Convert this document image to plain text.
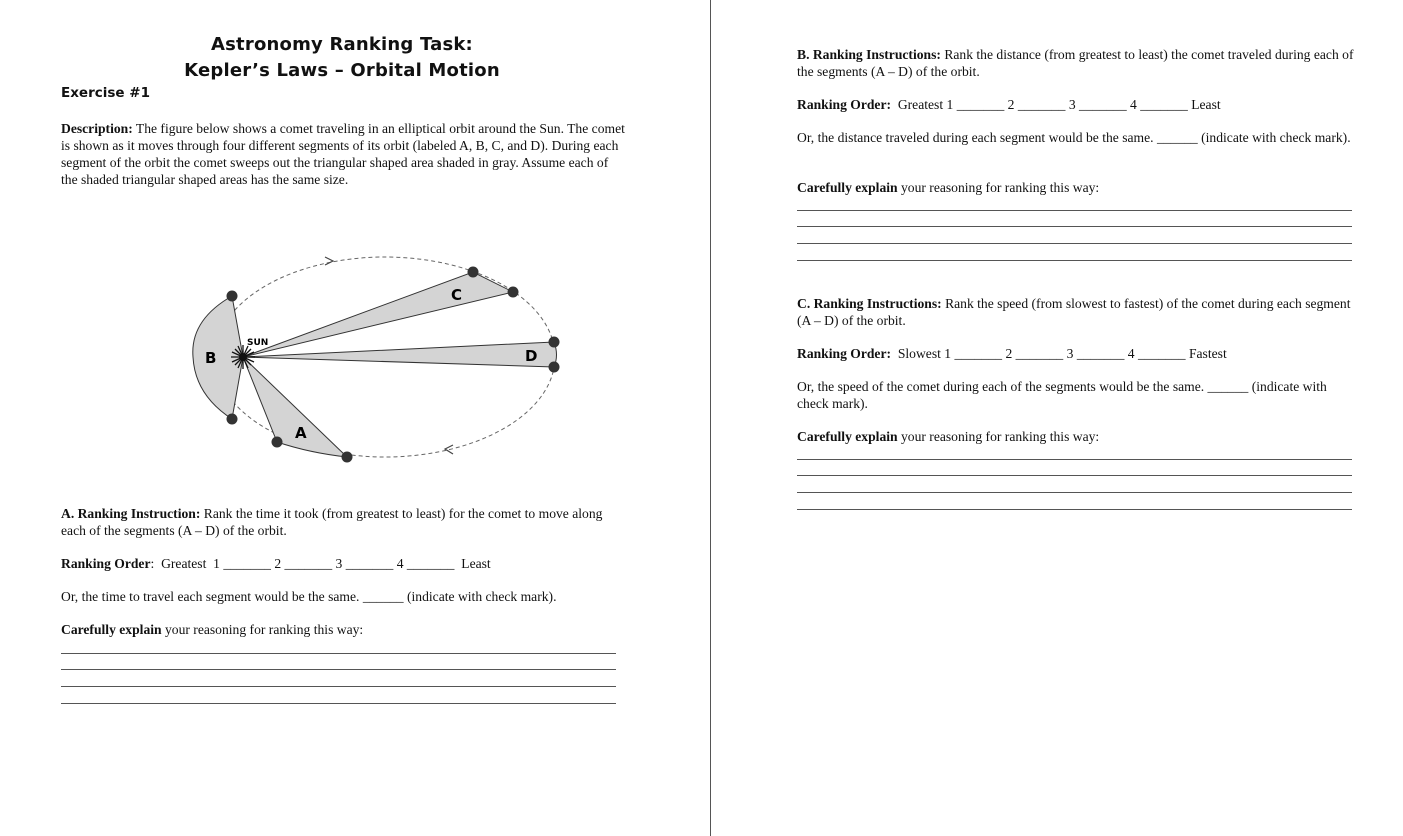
Astronomy Ranking Task:
Kepler’s Laws – Orbital Motion
Exercise #1
Description: The figure below shows a comet traveling in an elliptical orbit around the Sun. The comet is shown as it moves through four different segments of its orbit (labeled A, B, C, and D). During each segment of the orbit the comet sweeps out the triangular shaped area shaded in gray. Assume each of the shaded triangular shaped areas has the same size.
SUN
B
A
C
D
A. Ranking Instruction: Rank the time it took (from greatest to least) for the comet to move along each of the segments (A – D) of the orbit.
Ranking Order:  Greatest  1 _______ 2 _______ 3 _______ 4 _______  Least
Or, the time to travel each segment would be the same. ______ (indicate with check mark).
Carefully explain your reasoning for ranking this way:
B. Ranking Instructions: Rank the distance (from greatest to least) the comet traveled during each of the segments (A – D) of the orbit.
Ranking Order: Greatest 1 _______ 2 _______ 3 _______ 4 _______ Least
Or, the distance traveled during each segment would be the same. ______ (indicate with check mark).
Carefully explain your reasoning for ranking this way:
C. Ranking Instructions: Rank the speed (from slowest to fastest) of the comet during each segment (A – D) of the orbit.
Ranking Order: Slowest 1 _______ 2 _______ 3 _______ 4 _______ Fastest
Or, the speed of the comet during each of the segments would be the same. ______ (indicate with check mark).
Carefully explain your reasoning for ranking this way:
